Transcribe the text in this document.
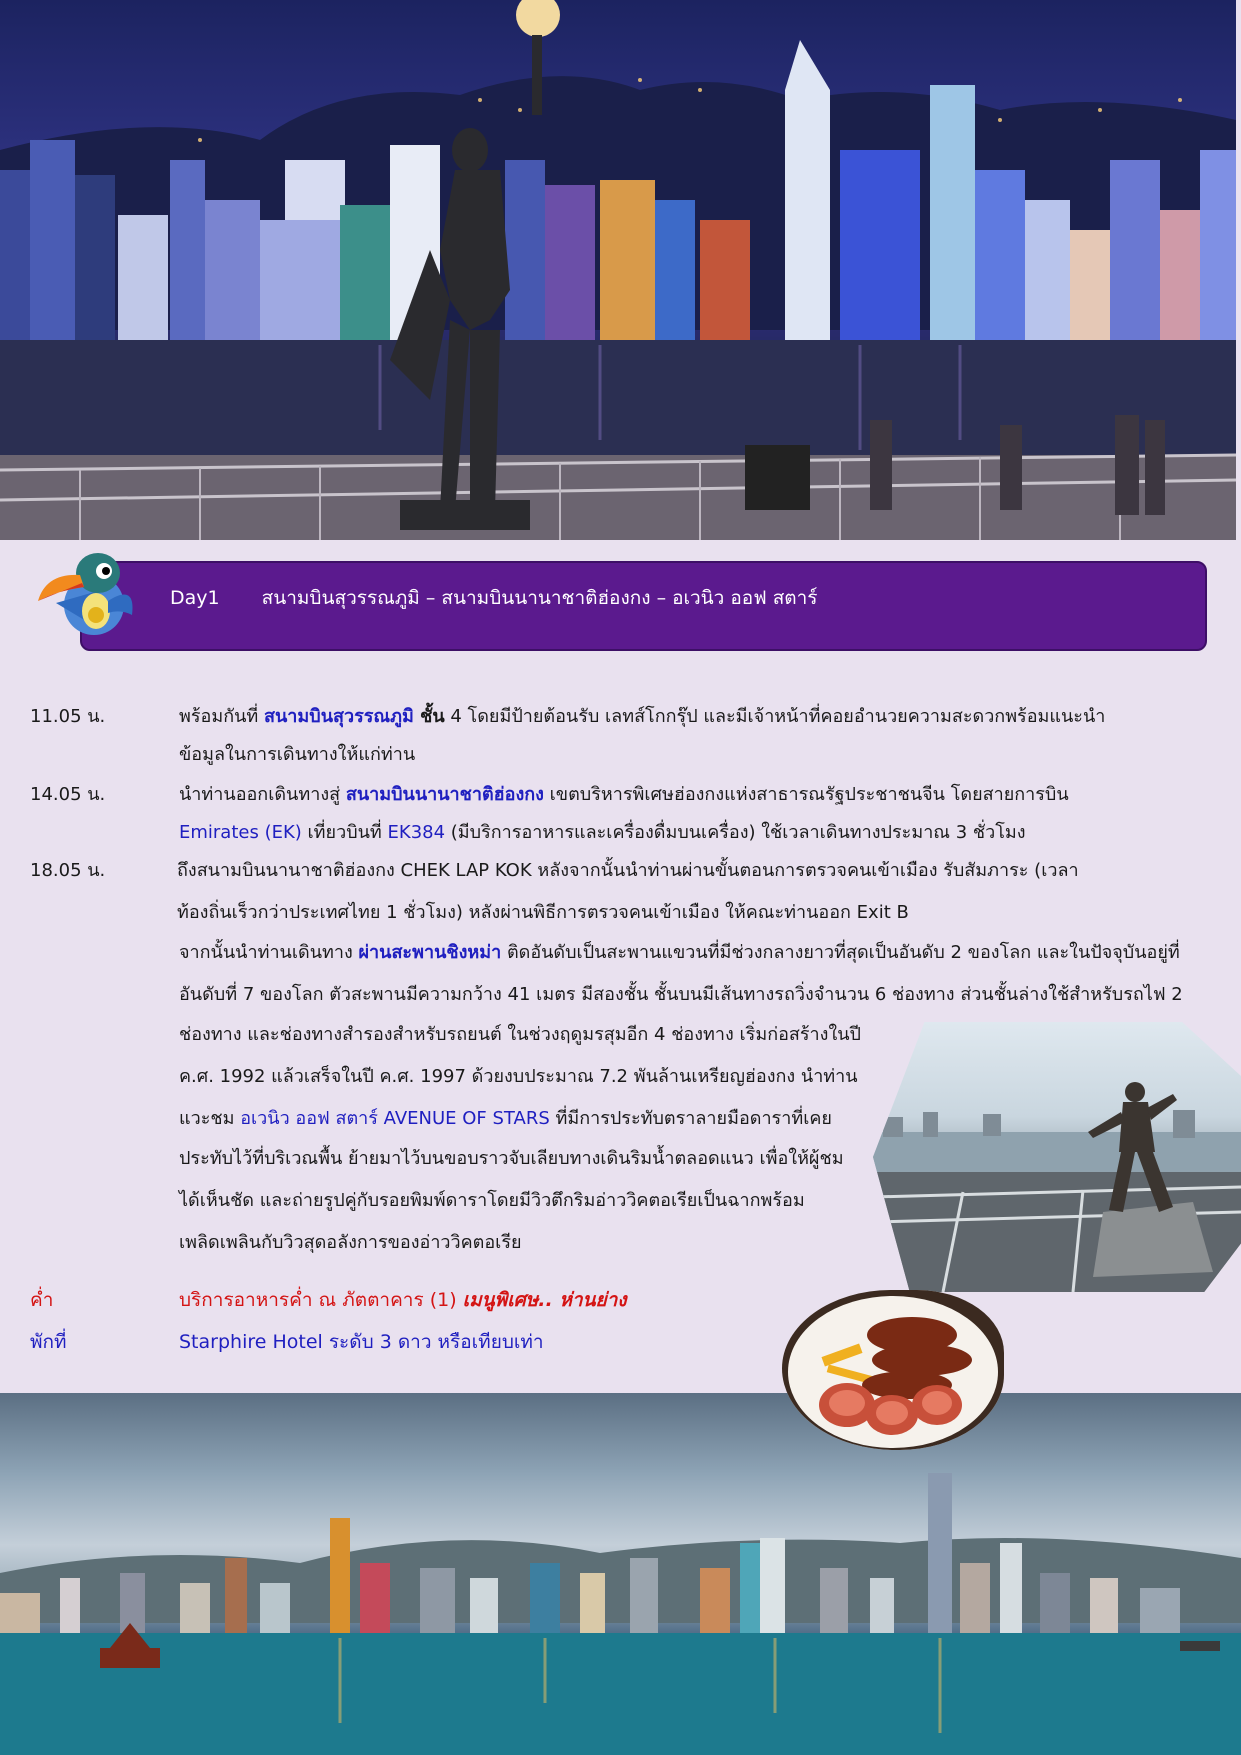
Day1 สนามบินสุวรรณภูมิ – สนามบินนานาชาติฮ่องกง – อเวนิว ออฟ สตาร์
11.05 น.	พร้อมกันที่ สนามบินสุวรรณภูมิ ชั้น 4 โดยมีป้ายต้อนรับ เลทส์โกกรุ๊ป และมีเจ้าหน้าที่คอยอำนวยความสะดวกพร้อมแนะนำ
ข้อมูลในการเดินทางให้แก่ท่าน
14.05 น.	นำท่านออกเดินทางสู่ สนามบินนานาชาติฮ่องกง เขตบริหารพิเศษฮ่องกงแห่งสาธารณรัฐประชาชนจีน โดยสายการบิน
Emirates (EK) เที่ยวบินที่ EK384 (มีบริการอาหารและเครื่องดื่มบนเครื่อง) ใช้เวลาเดินทางประมาณ 3 ชั่วโมง
18.05 น.	ถึงสนามบินนานาชาติฮ่องกง CHEK LAP KOK หลังจากนั้นนำท่านผ่านขั้นตอนการตรวจคนเข้าเมือง รับสัมภาระ (เวลา
ท้องถิ่นเร็วกว่าประเทศไทย 1 ชั่วโมง) หลังผ่านพิธีการตรวจคนเข้าเมือง ให้คณะท่านออก Exit B
จากนั้นนำท่านเดินทาง ผ่านสะพานชิงหม่า ติดอันดับเป็นสะพานแขวนที่มีช่วงกลางยาวที่สุดเป็นอันดับ 2 ของโลก และในปัจจุบันอยู่ที่
อันดับที่ 7 ของโลก ตัวสะพานมีความกว้าง 41 เมตร มีสองชั้น ชั้นบนมีเส้นทางรถวิ่งจำนวน 6 ช่องทาง ส่วนชั้นล่างใช้สำหรับรถไฟ 2
ช่องทาง และช่องทางสำรองสำหรับรถยนต์ ในช่วงฤดูมรสุมอีก 4 ช่องทาง เริ่มก่อสร้างในปี
ค.ศ. 1992 แล้วเสร็จในปี ค.ศ. 1997 ด้วยงบประมาณ 7.2 พันล้านเหรียญฮ่องกง นำท่าน
แวะชม อเวนิว ออฟ สตาร์ AVENUE OF STARS ที่มีการประทับตราลายมือดาราที่เคย
ประทับไว้ที่บริเวณพื้น ย้ายมาไว้บนขอบราวจับเลียบทางเดินริมน้ำตลอดแนว เพื่อให้ผู้ชม
ได้เห็นชัด และถ่ายรูปคู่กับรอยพิมพ์ดาราโดยมีวิวตึกริมอ่าววิคตอเรียเป็นฉากพร้อม
เพลิดเพลินกับวิวสุดอลังการของอ่าววิคตอเรีย
ค่ำ	บริการอาหารค่ำ ณ ภัตตาคาร (1) เมนูพิเศษ.. ห่านย่าง
พักที่	Starphire Hotel ระดับ 3 ดาว หรือเทียบเท่า
